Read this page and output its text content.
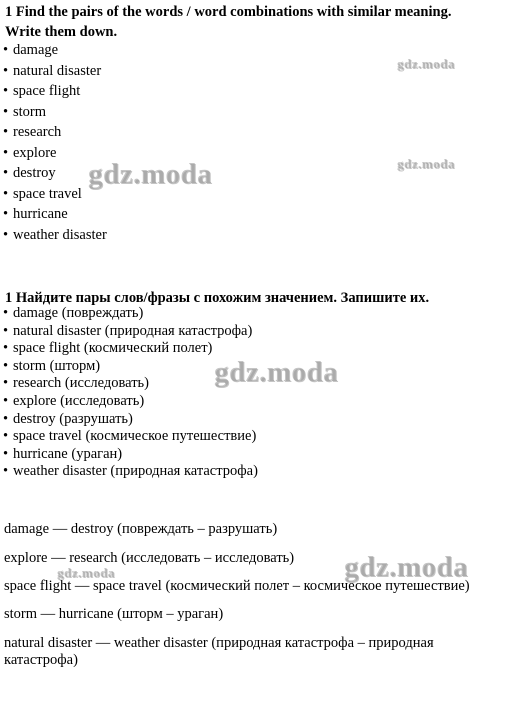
1 Find the pairs of the words / word combinations with similar meaning.

Write them down.

• damage
• natural disaster
• space flight
• storm
• research
• explore
• destroy
• space travel
• hurricane
• weather disaster

1 Найдите пары слов/фразы с похожим значением. Запишите их.

• damage (повреждать)
• natural disaster (природная катастрофа)
• space flight (космический полет)
• storm (шторм)
• research (исследовать)
• explore (исследовать)
• destroy (разрушать)
• space travel (космическое путешествие)
• hurricane (ураган)
• weather disaster (природная катастрофа)

damage — destroy (повреждать – разрушать)

explore — research (исследовать – исследовать)

space flight — space travel (космический полет – космическое путешествие)

storm — hurricane (шторм – ураган)

natural disaster — weather disaster (природная катастрофа – природная катастрофа)

gdz.moda
gdz.moda	gdz.moda
gdz.moda
gdz.moda	gdz.moda
